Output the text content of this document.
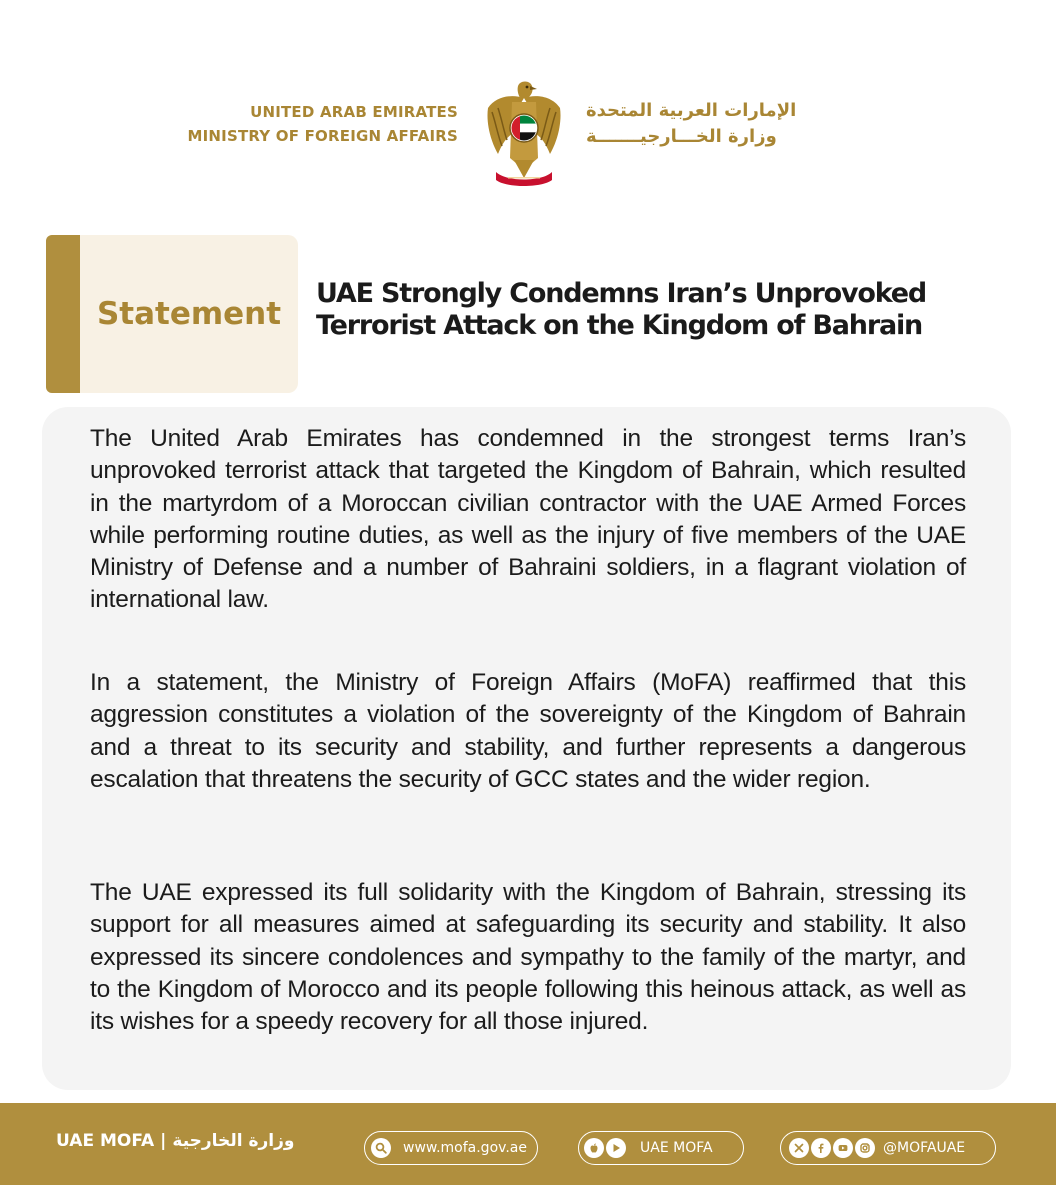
UNITED ARAB EMIRATES
MINISTRY OF FOREIGN AFFAIRS
الإمارات العربية المتحدة
وزارة الخـــارجيـــــــة
Statement
UAE Strongly Condemns Iran’s Unprovoked
Terrorist Attack on the Kingdom of Bahrain

The United Arab Emirates has condemned in the strongest terms Iran’s unprovoked terrorist attack that targeted the Kingdom of Bahrain, which resulted in the martyrdom of a Moroccan civilian contractor with the UAE Armed Forces while performing routine duties, as well as the injury of five members of the UAE Ministry of Defense and a number of Bahraini soldiers, in a flagrant violation of international law.

In a statement, the Ministry of Foreign Affairs (MoFA) reaffirmed that this aggression constitutes a violation of the sovereignty of the Kingdom of Bahrain and a threat to its security and stability, and further represents a dangerous escalation that threatens the security of GCC states and the wider region.

The UAE expressed its full solidarity with the Kingdom of Bahrain, stressing its support for all measures aimed at safeguarding its security and stability. It also expressed its sincere condolences and sympathy to the family of the martyr, and to the Kingdom of Morocco and its people following this heinous attack, as well as its wishes for a speedy recovery for all those injured.

UAE MOFA | وزارة الخارجية	www.mofa.gov.ae	UAE MOFA	@MOFAUAE
